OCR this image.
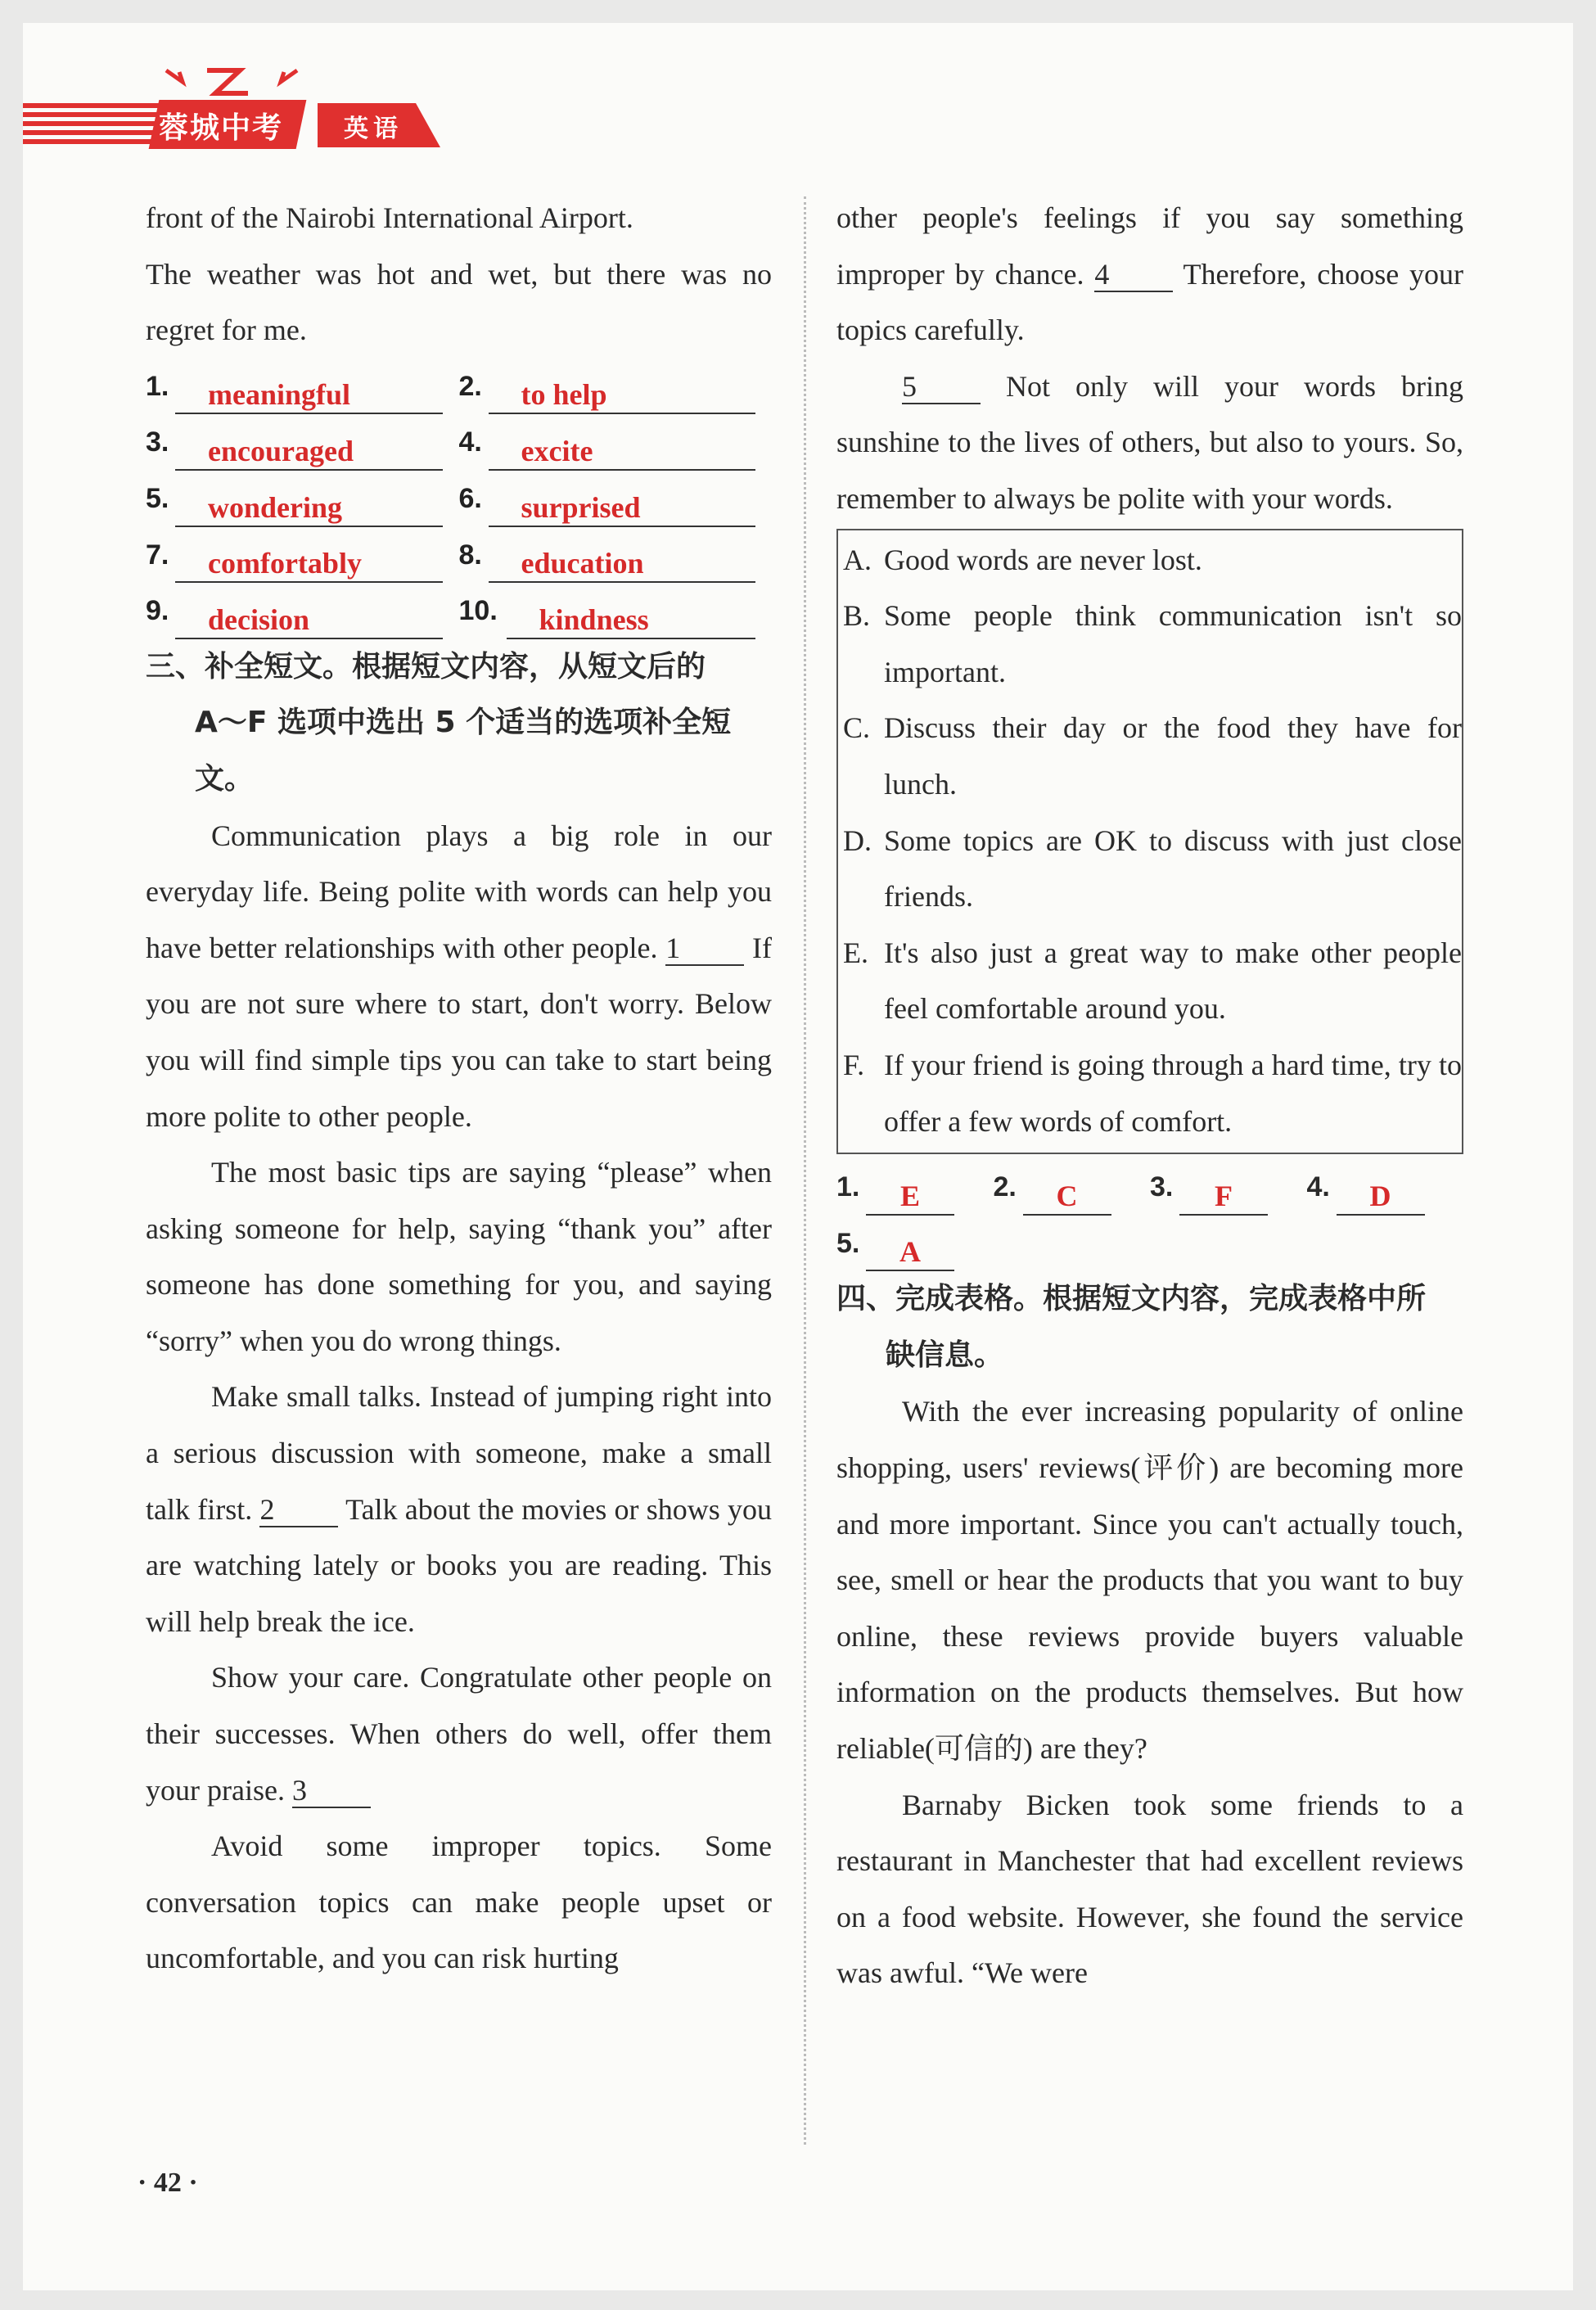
蓉城中考	英语

front of the Nairobi International Airport.

The weather was hot and wet, but there was no regret for me.

1.	meaningful	2.	to help
3.	encouraged	4.	excite
5.	wondering	6.	surprised
7.	comfortably	8.	education
9.	decision	10.	kindness
三、补全短文。根据短文内容，从短文后的
A～F 选项中选出 5 个适当的选项补全短文。

Communication plays a big role in our everyday life. Being polite with words can help you have better relationships with other people. 1 If you are not sure where to start, don't worry. Below you will find simple tips you can take to start being more polite to other people.

The most basic tips are saying “please” when asking someone for help, saying “thank you” after someone has done something for you, and saying “sorry” when you do wrong things.

Make small talks. Instead of jumping right into a serious discussion with someone, make a small talk first. 2 Talk about the movies or shows you are watching lately or books you are reading. This will help break the ice.

Show your care. Congratulate other people on their successes. When others do well, offer them your praise. 3

Avoid some improper topics. Some conversation topics can make people upset or uncomfortable, and you can risk hurting

other people's feelings if you say something improper by chance. 4	Therefore, choose your topics carefully.

5	Not only will your words bring sunshine to the lives of others, but also to yours. So, remember to always be polite with your words.

A. Good words are never lost.
B. Some people think communication isn't so important.
C. Discuss their day or the food they have for lunch.
D. Some topics are OK to discuss with just close friends.
E. It's also just a great way to make other people feel comfortable around you.
F. If your friend is going through a hard time, try to offer a few words of comfort.
1.	E	2.	C	3.	F	4.	D
5.	A
四、完成表格。根据短文内容，完成表格中所
缺信息。

With the ever increasing popularity of online shopping, users' reviews(评价) are becoming more and more important. Since you can't actually touch, see, smell or hear the products that you want to buy online, these reviews provide buyers valuable information on the products themselves. But how reliable(可信的) are they?

Barnaby Bicken took some friends to a restaurant in Manchester that had excellent reviews on a food website. However, she found the service was awful. “We were

· 42 ·
